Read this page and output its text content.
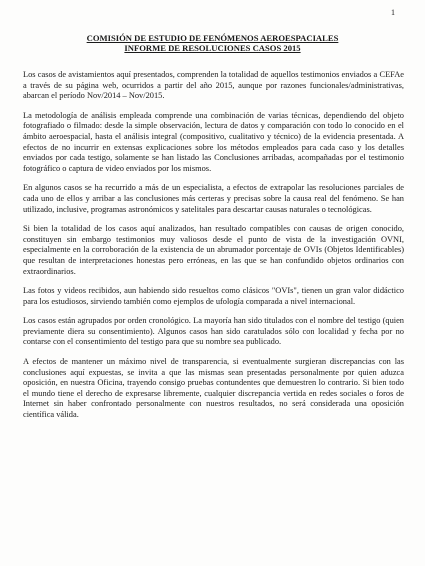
1
COMISIÓN DE ESTUDIO DE FENÓMENOS AEROESPACIALES
INFORME DE RESOLUCIONES CASOS 2015

Los casos de avistamientos aquí presentados, comprenden la totalidad de aquellos testimonios enviados a CEFAe a través de su página web, ocurridos a partir del año 2015, aunque por razones funcionales/administrativas, abarcan el período Nov/2014 – Nov/2015.

La metodología de análisis empleada comprende una combinación de varias técnicas, dependiendo del objeto fotografiado o filmado: desde la simple observación, lectura de datos y comparación con todo lo conocido en el ámbito aeroespacial, hasta el análisis integral (compositivo, cualitativo y técnico) de la evidencia presentada. A efectos de no incurrir en extensas explicaciones sobre los métodos empleados para cada caso y los detalles enviados por cada testigo, solamente se han listado las Conclusiones arribadas, acompañadas por el testimonio fotográfico o captura de video enviados por los mismos.

En algunos casos se ha recurrido a más de un especialista, a efectos de extrapolar las resoluciones parciales de cada uno de ellos y arribar a las conclusiones más certeras y precisas sobre la causa real del fenómeno. Se han utilizado, inclusive, programas astronómicos y satelitales para descartar causas naturales o tecnológicas.

Si bien la totalidad de los casos aquí analizados, han resultado compatibles con causas de origen conocido, constituyen sin embargo testimonios muy valiosos desde el punto de vista de la investigación OVNI, especialmente en la corroboración de la existencia de un abrumador porcentaje de OVIs (Objetos Identificables) que resultan de interpretaciones honestas pero erróneas, en las que se han confundido objetos ordinarios con extraordinarios.

Las fotos y videos recibidos, aun habiendo sido resueltos como clásicos "OVIs", tienen un gran valor didáctico para los estudiosos, sirviendo también como ejemplos de ufología comparada a nivel internacional.

Los casos están agrupados por orden cronológico. La mayoría han sido titulados con el nombre del testigo (quien previamente diera su consentimiento). Algunos casos han sido caratulados sólo con localidad y fecha por no contarse con el consentimiento del testigo para que su nombre sea publicado.

A efectos de mantener un máximo nivel de transparencia, si eventualmente surgieran discrepancias con las conclusiones aquí expuestas, se invita a que las mismas sean presentadas personalmente por quien aduzca oposición, en nuestra Oficina, trayendo consigo pruebas contundentes que demuestren lo contrario. Si bien todo el mundo tiene el derecho de expresarse libremente, cualquier discrepancia vertida en redes sociales o foros de Internet sin haber confrontado personalmente con nuestros resultados, no será considerada una oposición científica válida.
